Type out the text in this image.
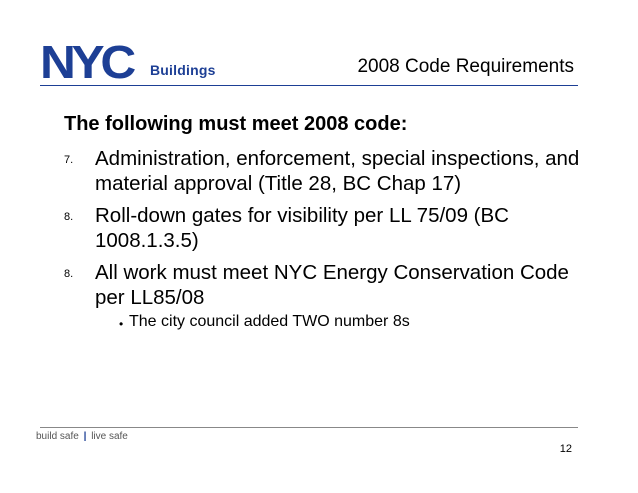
NYC Buildings	2008 Code Requirements
The following must meet 2008 code:
7. Administration, enforcement, special inspections, and material approval (Title 28, BC Chap 17)
8. Roll-down gates for visibility per LL 75/09 (BC 1008.1.3.5)
8. All work must meet NYC Energy Conservation Code per LL85/08
• The city council added TWO number 8s
build safe | live safe
12
